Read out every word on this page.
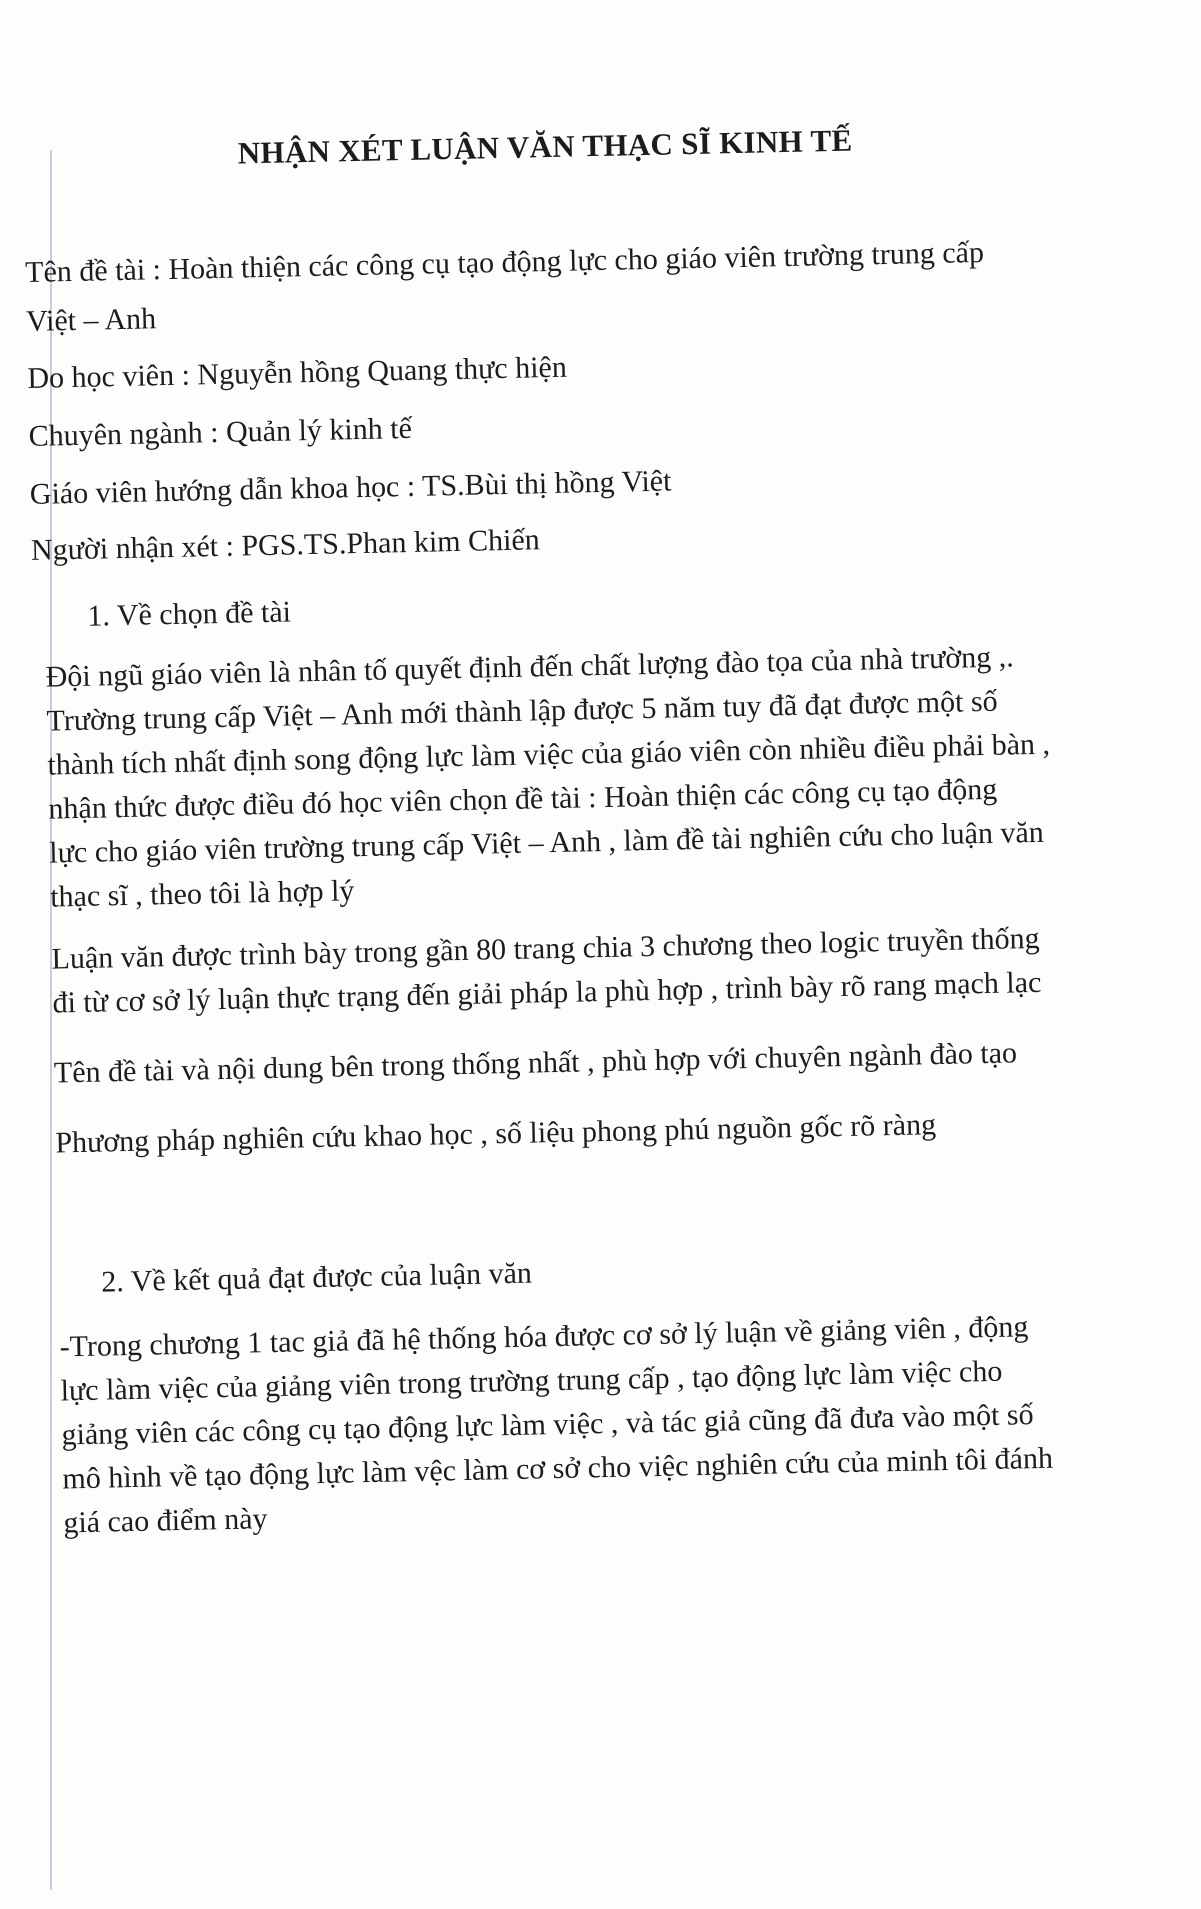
NHẬN XÉT LUẬN VĂN THẠC SĨ KINH TẾ

Tên đề tài : Hoàn thiện các công cụ tạo động lực cho giáo viên trường trung cấp

Việt – Anh

Do học viên : Nguyễn hồng Quang thực hiện

Chuyên ngành : Quản lý kinh tế

Giáo viên hướng dẫn khoa học : TS.Bùi thị hồng Việt

Người nhận xét : PGS.TS.Phan kim Chiến

1. Về chọn đề tài

Đội ngũ giáo viên là nhân tố quyết định đến chất lượng đào tọa của nhà trường ,.

Trường trung cấp Việt – Anh mới thành lập được 5 năm tuy đã đạt được một số

thành tích nhất định song động lực làm việc của giáo viên còn nhiều điều phải bàn ,

nhận thức được điều đó học viên chọn đề tài : Hoàn thiện các công cụ tạo động

lực cho giáo viên trường trung cấp Việt – Anh , làm đề tài nghiên cứu cho luận văn

thạc sĩ , theo tôi là hợp lý

Luận văn được trình bày trong gần 80 trang chia 3 chương theo logic truyền thống

đi từ cơ sở lý luận thực trạng đến giải pháp la phù hợp , trình bày rõ rang mạch lạc

Tên đề tài và nội dung bên trong thống nhất , phù hợp với chuyên ngành đào tạo

Phương pháp nghiên cứu khao học , số liệu phong phú nguồn gốc rõ ràng

2. Về kết quả đạt được của luận văn

-Trong chương 1 tac giả đã hệ thống hóa được cơ sở lý luận về giảng viên , động

lực làm việc của giảng viên trong trường trung cấp , tạo động lực làm việc cho

giảng viên các công cụ tạo động lực làm việc , và tác giả cũng đã đưa vào một số

mô hình về tạo động lực làm vệc làm cơ sở cho việc nghiên cứu của minh tôi đánh

giá cao điểm này
